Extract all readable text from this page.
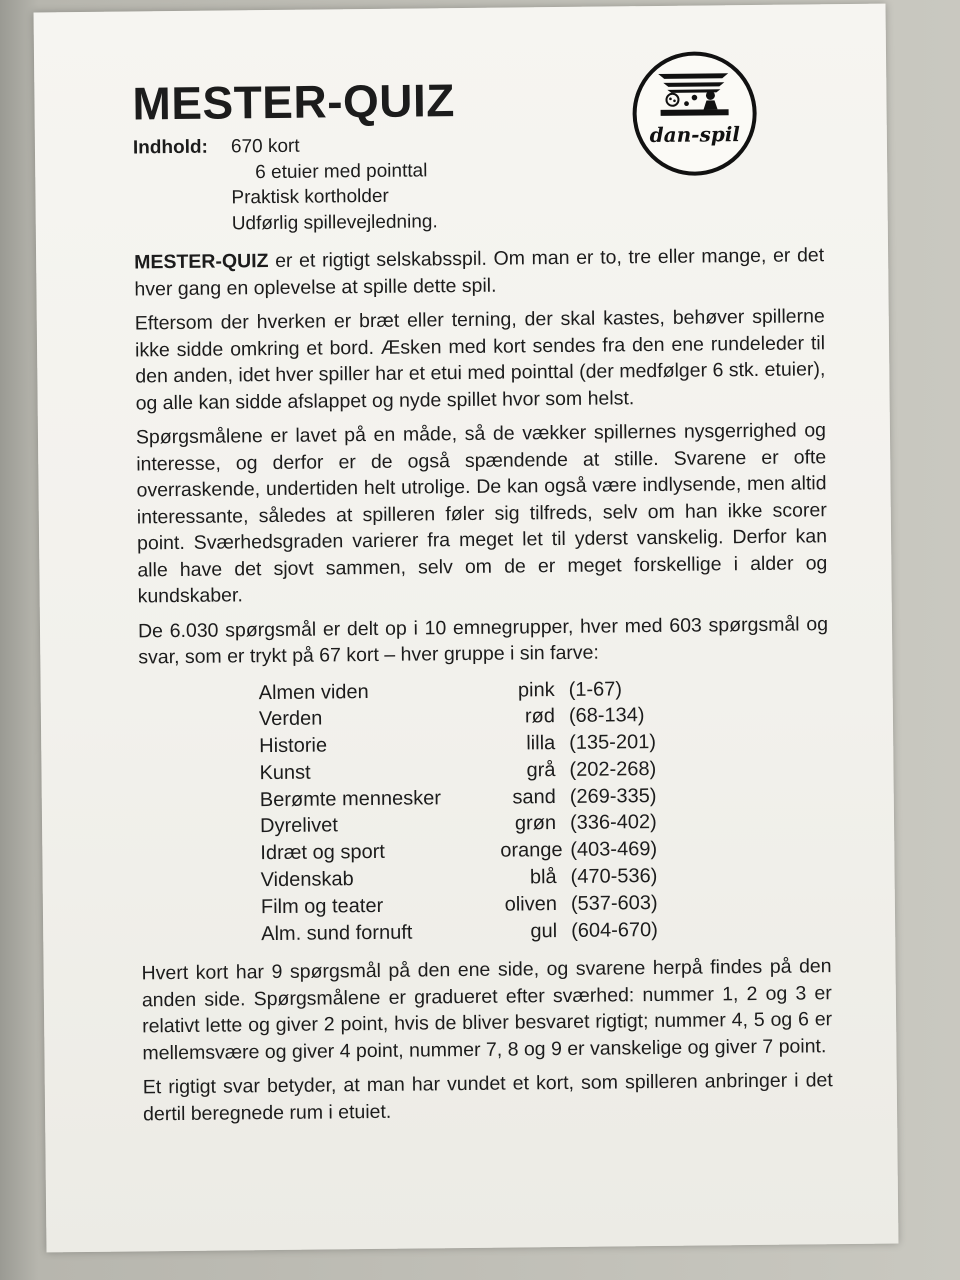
dan-spil
MESTER-QUIZ
Indhold:	670 kort
6 etuier med pointtal
Praktisk kortholder
Udførlig spillevejledning.

MESTER-QUIZ er et rigtigt selskabsspil. Om man er to, tre eller mange, er det hver gang en oplevelse at spille dette spil.

Eftersom der hverken er bræt eller terning, der skal kastes, behøver spillerne ikke sidde omkring et bord. Æsken med kort sendes fra den ene rundeleder til den anden, idet hver spiller har et etui med pointtal (der medfølger 6 stk. etuier), og alle kan sidde afslappet og nyde spillet hvor som helst.

Spørgsmålene er lavet på en måde, så de vækker spillernes nysgerrighed og interesse, og derfor er de også spændende at stille. Svarene er ofte overraskende, undertiden helt utrolige. De kan også være indlysende, men altid interessante, således at spilleren føler sig tilfreds, selv om han ikke scorer point. Sværhedsgraden varierer fra meget let til yderst vanskelig. Derfor kan alle have det sjovt sammen, selv om de er meget forskellige i alder og kundskaber.

De 6.030 spørgsmål er delt op i 10 emnegrupper, hver med 603 spørgsmål og svar, som er trykt på 67 kort – hver gruppe i sin farve:

Almen viden	pink (1-67)
Verden	rød (68-134)
Historie	lilla (135-201)
Kunst	grå (202-268)
Berømte mennesker	sand (269-335)
Dyrelivet	grøn (336-402)
Idræt og sport	orange (403-469)
Videnskab	blå (470-536)
Film og teater	oliven (537-603)
Alm. sund fornuft	gul (604-670)

Hvert kort har 9 spørgsmål på den ene side, og svarene herpå findes på den anden side. Spørgsmålene er gradueret efter sværhed: nummer 1, 2 og 3 er relativt lette og giver 2 point, hvis de bliver besvaret rigtigt; nummer 4, 5 og 6 er mellemsvære og giver 4 point, nummer 7, 8 og 9 er vanskelige og giver 7 point.

Et rigtigt svar betyder, at man har vundet et kort, som spilleren anbringer i det dertil beregnede rum i etuiet.
